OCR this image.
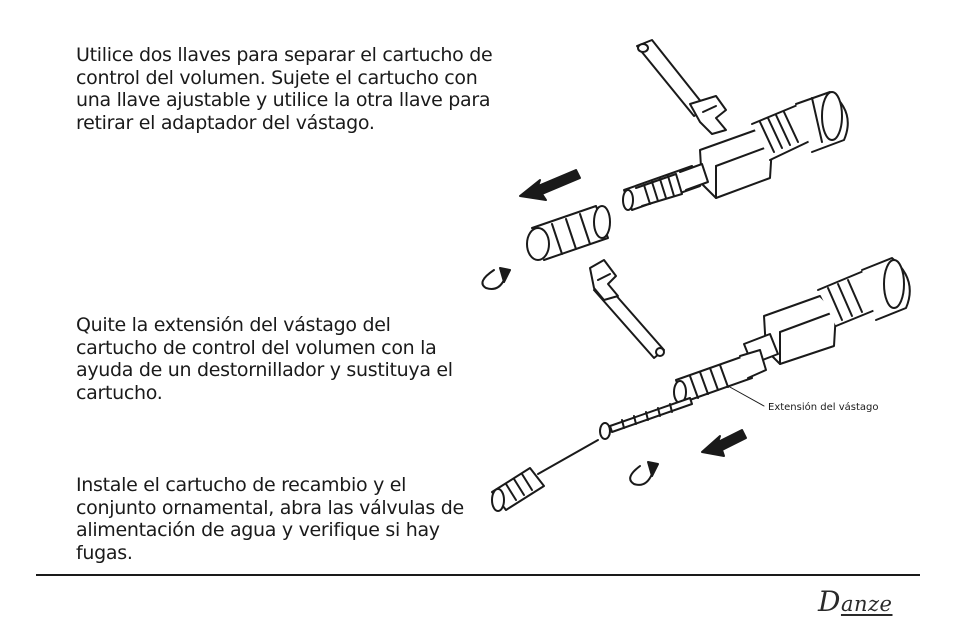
Utilice dos llaves para separar el cartucho de control del volumen. Sujete el cartucho con una llave ajustable y utilice la otra llave para retirar el adaptador del vástago.

Quite la extensión del vástago del cartucho de control del volumen con la ayuda de un destornillador y sustituya el cartucho.

Instale el cartucho de recambio y el conjunto ornamental, abra las válvulas de alimentación de agua y verifique si hay fugas.

Extensión del vástago
Danze
